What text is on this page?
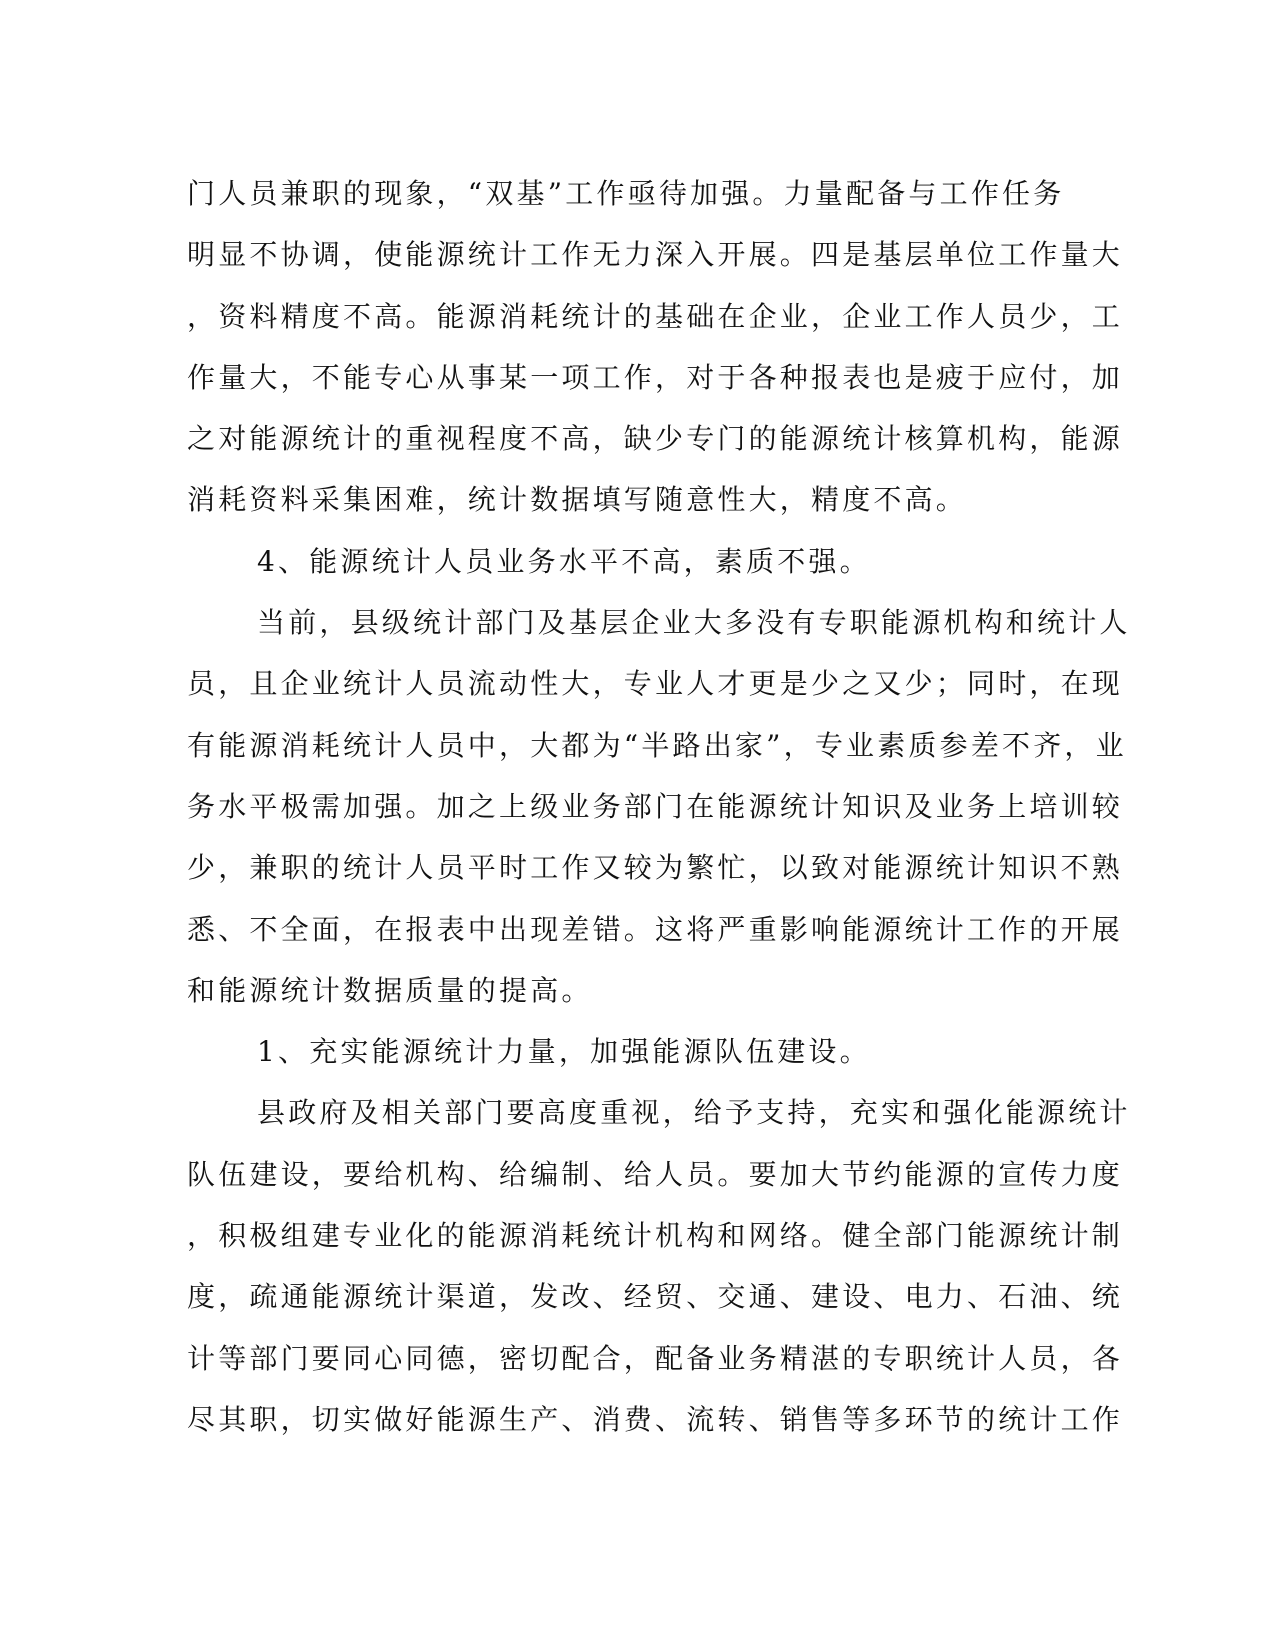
门人员兼职的现象，“双基”工作亟待加强。力量配备与工作任务
明显不协调，使能源统计工作无力深入开展。四是基层单位工作量大
，资料精度不高。能源消耗统计的基础在企业，企业工作人员少，工
作量大，不能专心从事某一项工作，对于各种报表也是疲于应付，加
之对能源统计的重视程度不高，缺少专门的能源统计核算机构，能源
消耗资料采集困难，统计数据填写随意性大，精度不高。
4、能源统计人员业务水平不高，素质不强。
当前，县级统计部门及基层企业大多没有专职能源机构和统计人
员，且企业统计人员流动性大，专业人才更是少之又少；同时，在现
有能源消耗统计人员中，大都为“半路出家”，专业素质参差不齐，业
务水平极需加强。加之上级业务部门在能源统计知识及业务上培训较
少，兼职的统计人员平时工作又较为繁忙，以致对能源统计知识不熟
悉、不全面，在报表中出现差错。这将严重影响能源统计工作的开展
和能源统计数据质量的提高。
1、充实能源统计力量，加强能源队伍建设。
县政府及相关部门要高度重视，给予支持，充实和强化能源统计
队伍建设，要给机构、给编制、给人员。要加大节约能源的宣传力度
，积极组建专业化的能源消耗统计机构和网络。健全部门能源统计制
度，疏通能源统计渠道，发改、经贸、交通、建设、电力、石油、统
计等部门要同心同德，密切配合，配备业务精湛的专职统计人员，各
尽其职，切实做好能源生产、消费、流转、销售等多环节的统计工作
